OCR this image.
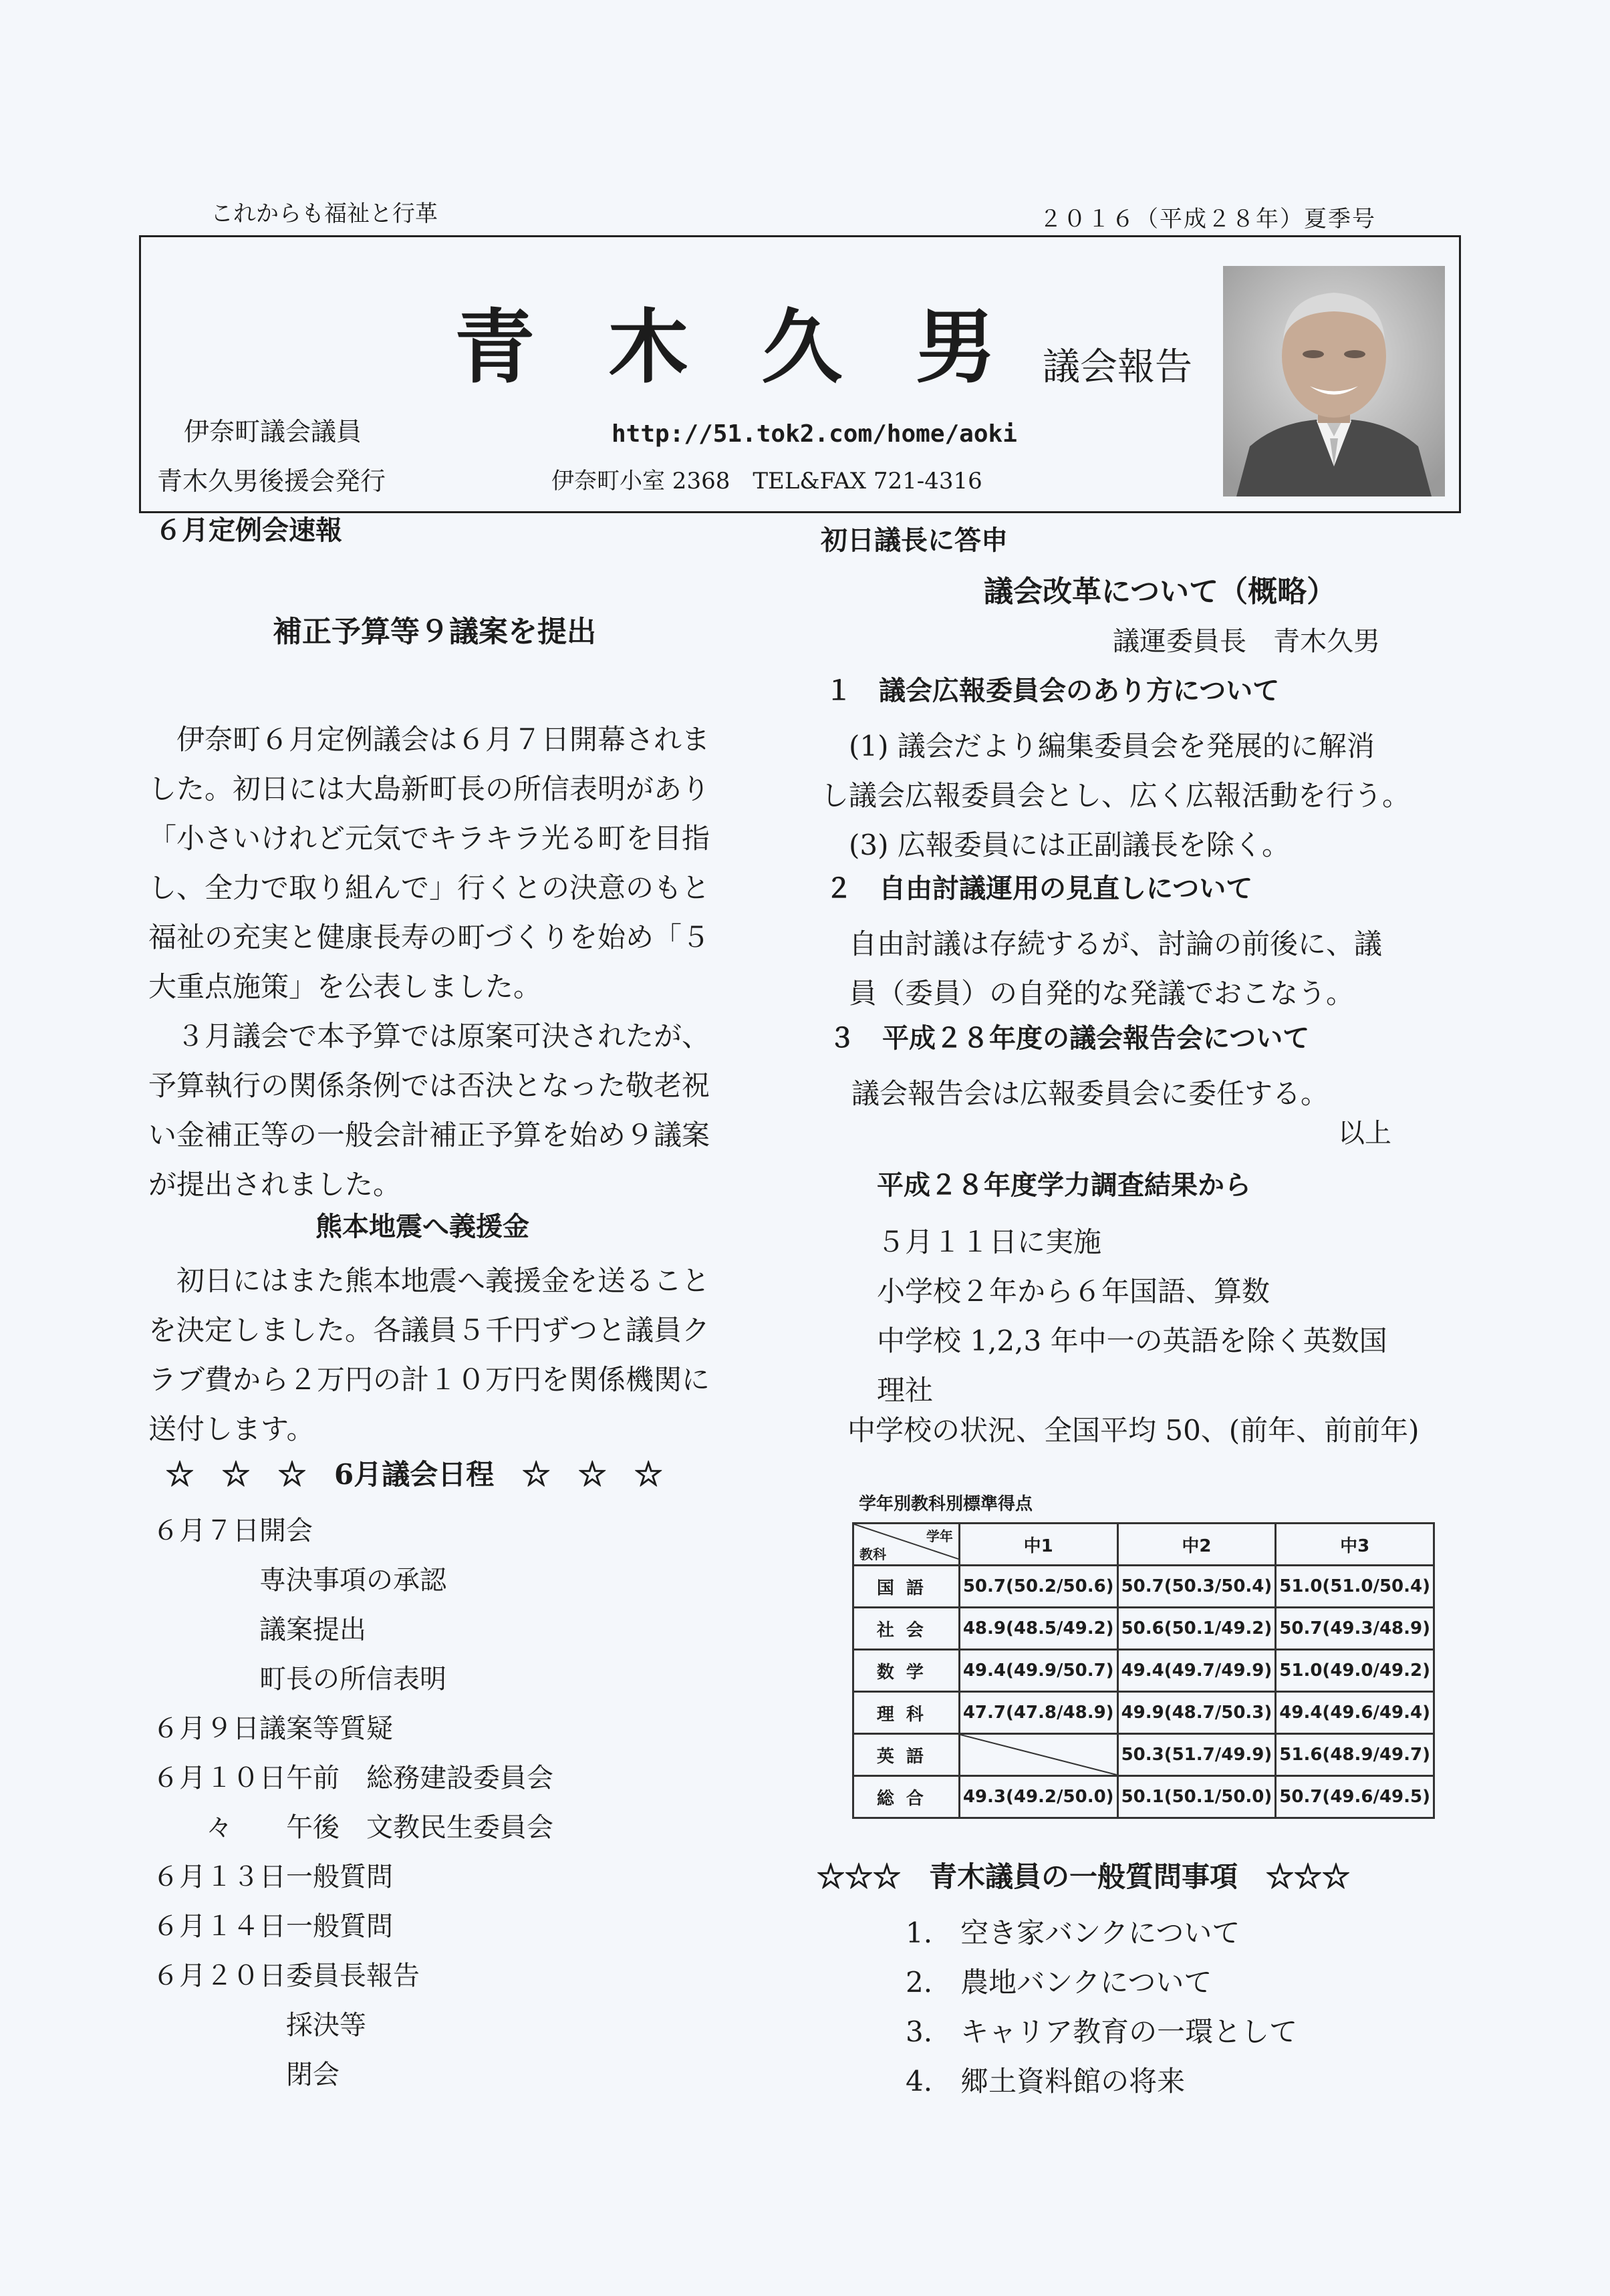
これからも福祉と行革	２０１６（平成２８年）夏季号
青木久男
議会報告
伊奈町議会議員
青木久男後援会発行
http://51.tok2.com/home/aoki
伊奈町小室 2368　TEL&FAX 721-4316
６月定例会速報
補正予算等９議案を提出

　伊奈町６月定例議会は６月７日開幕されま

した。初日には大島新町長の所信表明があり

「小さいけれど元気でキラキラ光る町を目指

し、全力で取り組んで」行くとの決意のもと

福祉の充実と健康長寿の町づくりを始め「５

大重点施策」を公表しました。

　３月議会で本予算では原案可決されたが、

予算執行の関係条例では否決となった敬老祝

い金補正等の一般会計補正予算を始め９議案

が提出されました。

熊本地震へ義援金

　初日にはまた熊本地震へ義援金を送ること

を決定しました。各議員５千円ずつと議員ク

ラブ費から２万円の計１０万円を関係機関に

送付します。

☆　☆　☆　6月議会日程　☆　☆　☆

６月７日開会

　　　　専決事項の承認

　　　　議案提出

　　　　町長の所信表明

６月９日議案等質疑

６月１０日午前　総務建設委員会

　　々　　午後　文教民生委員会

６月１３日一般質問

６月１４日一般質問

６月２０日委員長報告

　　　　　採決等

　　　　　閉会

初日議長に答申
議会改革について（概略）
議運委員長　青木久男
１　議会広報委員会のあり方について

　(1) 議会だより編集委員会を発展的に解消

し議会広報委員会とし、広く広報活動を行う。

　(3) 広報委員には正副議長を除く。

２　自由討議運用の見直しについて

　自由討議は存続するが、討論の前後に、議

　員（委員）の自発的な発議でおこなう。

３　平成２８年度の議会報告会について

　議会報告会は広報委員会に委任する。

以上
平成２８年度学力調査結果から

５月１１日に実施

小学校２年から６年国語、算数

中学校 1,2,3 年中一の英語を除く英数国

理社

中学校の状況、全国平均 50、(前年、前前年)
学年別教科別標準得点
学年
教科	中1	中2	中3
国語	50.7(50.2/50.6)	50.7(50.3/50.4)	51.0(51.0/50.4)
社会	48.9(48.5/49.2)	50.6(50.1/49.2)	50.7(49.3/48.9)
数学	49.4(49.9/50.7)	49.4(49.7/49.9)	51.0(49.0/49.2)
理科	47.7(47.8/48.9)	49.9(48.7/50.3)	49.4(49.6/49.4)
英語		50.3(51.7/49.9)	51.6(48.9/49.7)
総合	49.3(49.2/50.0)	50.1(50.1/50.0)	50.7(49.6/49.5)
☆☆☆　青木議員の一般質問事項　☆☆☆

1.　空き家バンクについて

2.　農地バンクについて

3.　キャリア教育の一環として

4.　郷土資料館の将来
